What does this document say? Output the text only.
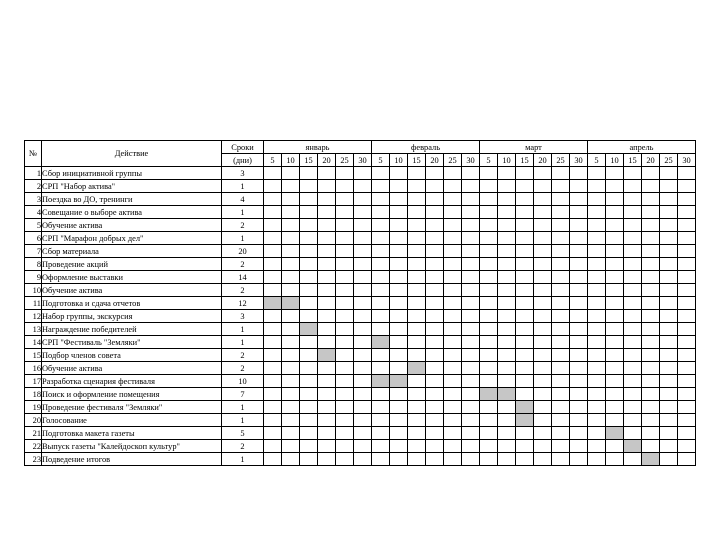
№	Действие	Сроки	январь						февраль						март						апрель					
		(дни)	5	10	15	20	25	30	5	10	15	20	25	30	5	10	15	20	25	30	5	10	15	20	25	30
1	Сбор инициативной группы	3																								
2	СРП "Набор актива"	1																								
3	Поездка во ДО, тренинги	4																								
4	Совещание о выборе актива	1																								
5	Обучение актива	2																								
6	СРП "Марафон добрых дел"	1																								
7	Сбор материала	20																								
8	Проведение акций	2																								
9	Оформление выставки	14																								
10	Обучение актива	2																								
11	Подготовка и сдача отчетов	12																								
12	Набор группы, экскурсия	3																								
13	Награждение победителей	1																								
14	СРП "Фестиваль "Земляки"	1																								
15	Подбор членов совета	2																								
16	Обучение актива	2																								
17	Разработка сценария фестиваля	10																								
18	Поиск и оформление помещения	7																								
19	Проведение фестиваля "Земляки"	1																								
20	Голосование	1																								
21	Подготовка макета газеты	5																								
22	Выпуск газеты "Калейдоскоп культур"	2																								
23	Подведение итогов	1																								
